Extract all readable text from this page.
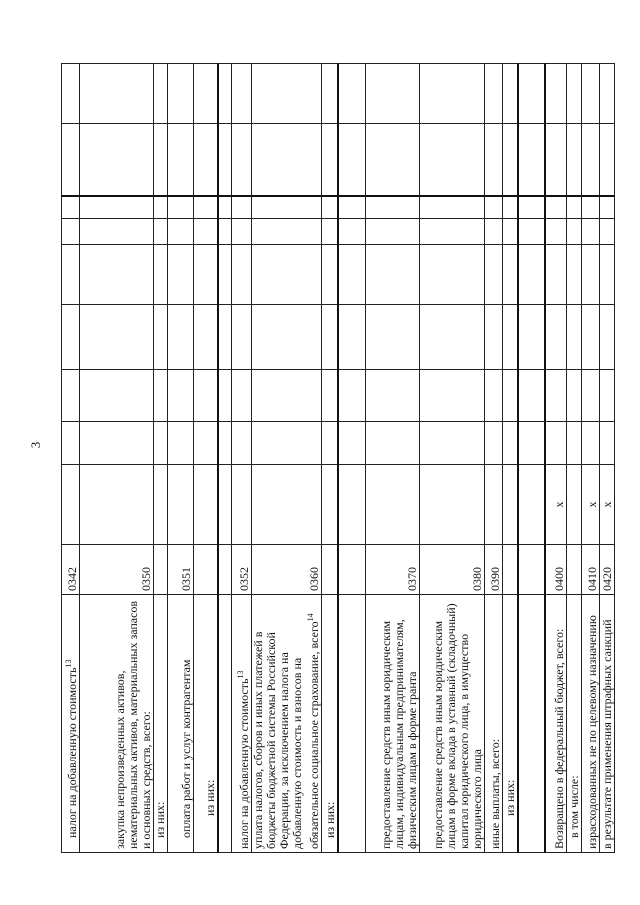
3
налог на добавленную стоимость$^{13}$	0342									
закупка непроизведенных активов, нематериальных активов, материальных запасов и основных средств, всего:	0350									
из них:										
оплата работ и услуг контрагентам	0351									
из них:										

налог на добавленную стоимость$^{13}$	0352									
уплата налогов, сборов и иных платежей в бюджеты бюджетной системы Российской Федерации, за исключением налога на добавленную стоимость и взносов на обязательное социальное страхование, всего$^{14}$	0360									
из них:										

предоставление средств иным юридическим лицам, индивидуальным предпринимателям, физическим лицам в форме гранта	0370									
предоставление средств иным юридическим лицам в форме вклада в уставный (складочный) капитал юридического лица, в имущество юридического лица	0380									
иные выплаты, всего:	0390									
из них:										

Возвращено в федеральный бюджет, всего:	0400	x								
в том числе:										
израсходованных не по целевому назначению	0410	x								
в результате применения штрафных санкций	0420	x								
